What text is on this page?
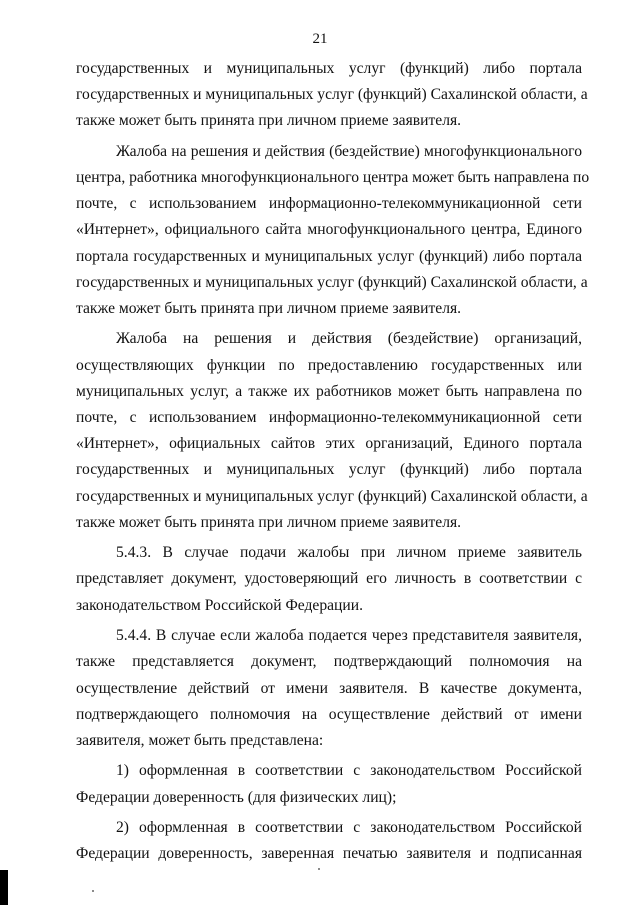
21
государственных и муниципальных услуг (функций) либо портала
государственных и муниципальных услуг (функций) Сахалинской области, а
также может быть принята при личном приеме заявителя.
Жалоба на решения и действия (бездействие) многофункционального
центра, работника многофункционального центра может быть направлена по
почте, с использованием информационно-телекоммуникационной сети
«Интернет», официального сайта многофункционального центра, Единого
портала государственных и муниципальных услуг (функций) либо портала
государственных и муниципальных услуг (функций) Сахалинской области, а
также может быть принята при личном приеме заявителя.
Жалоба на решения и действия (бездействие) организаций,
осуществляющих функции по предоставлению государственных или
муниципальных услуг, а также их работников может быть направлена по
почте, с использованием информационно-телекоммуникационной сети
«Интернет», официальных сайтов этих организаций, Единого портала
государственных и муниципальных услуг (функций) либо портала
государственных и муниципальных услуг (функций) Сахалинской области, а
также может быть принята при личном приеме заявителя.
5.4.3. В случае подачи жалобы при личном приеме заявитель
представляет документ, удостоверяющий его личность в соответствии с
законодательством Российской Федерации.
5.4.4. В случае если жалоба подается через представителя заявителя,
также представляется документ, подтверждающий полномочия на
осуществление действий от имени заявителя. В качестве документа,
подтверждающего полномочия на осуществление действий от имени
заявителя, может быть представлена:
1) оформленная в соответствии с законодательством Российской
Федерации доверенность (для физических лиц);
2) оформленная в соответствии с законодательством Российской
Федерации доверенность, заверенная печатью заявителя и подписанная
